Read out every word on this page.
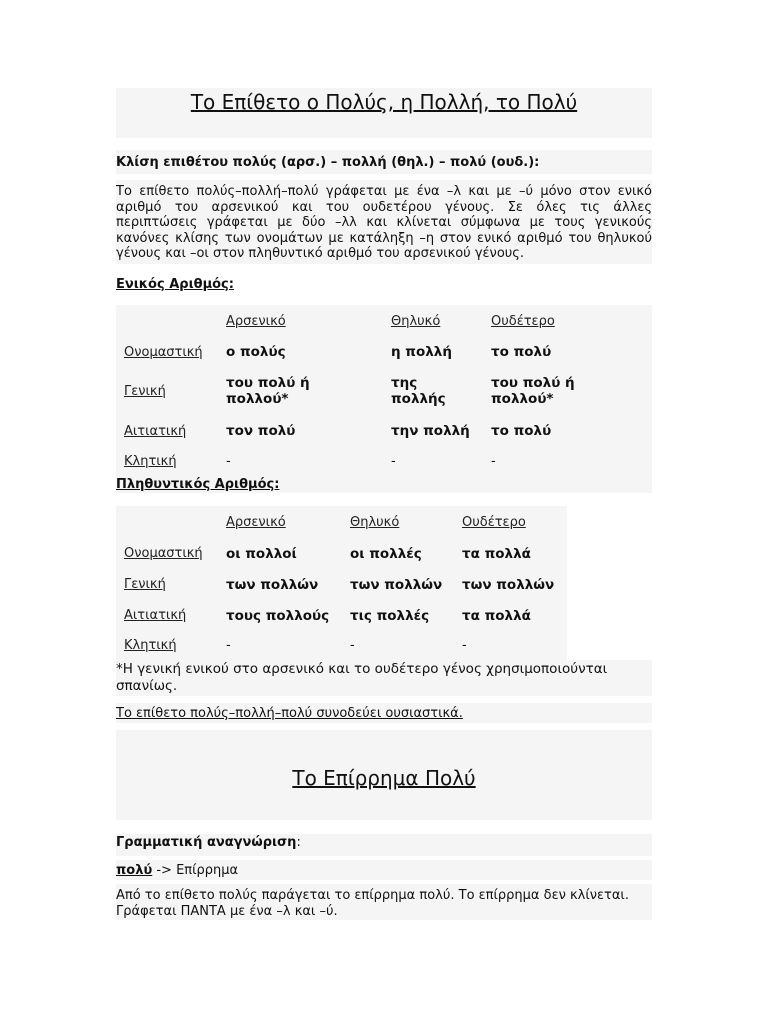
Το Επίθετο ο Πολύς, η Πολλή, το Πολύ
Κλίση επιθέτου πολύς (αρσ.) – πολλή (θηλ.) – πολύ (ουδ.):
Το επίθετο πολύς–πολλή–πολύ γράφεται με ένα –λ και με –ύ μόνο στον ενικό
αριθμό του αρσενικού και του ουδετέρου γένους. Σε όλες τις άλλες
περιπτώσεις γράφεται με δύο –λλ και κλίνεται σύμφωνα με τους γενικούς
κανόνες κλίσης των ονομάτων με κατάληξη –η στον ενικό αριθμό του θηλυκού
γένους και –οι στον πληθυντικό αριθμό του αρσενικού γένους.
Ενικός Αριθμός:
	Αρσενικό	Θηλυκό	Ουδέτερο
Ονομαστική	ο πολύς	η πολλή	το πολύ
Γενική	του πολύ ή πολλού*	της πολλής	του πολύ ή πολλού*
Αιτιατική	τον πολύ	την πολλή	το πολύ
Κλητική	-	-	-
Πληθυντικός Αριθμός:
	Αρσενικό	Θηλυκό	Ουδέτερο
Ονομαστική	οι πολλοί	οι πολλές	τα πολλά
Γενική	των πολλών	των πολλών	των πολλών
Αιτιατική	τους πολλούς	τις πολλές	τα πολλά
Κλητική	-	-	-
*Η γενική ενικού στο αρσενικό και το ουδέτερο γένος χρησιμοποιούνται
σπανίως.
Το επίθετο πολύς–πολλή–πολύ συνοδεύει ουσιαστικά.
Το Επίρρημα Πολύ
Γραμματική αναγνώριση:
πολύ -> Επίρρημα
Από το επίθετο πολύς παράγεται το επίρρημα πολύ. Το επίρρημα δεν κλίνεται.
Γράφεται ΠΑΝΤΑ με ένα –λ και –ύ.
